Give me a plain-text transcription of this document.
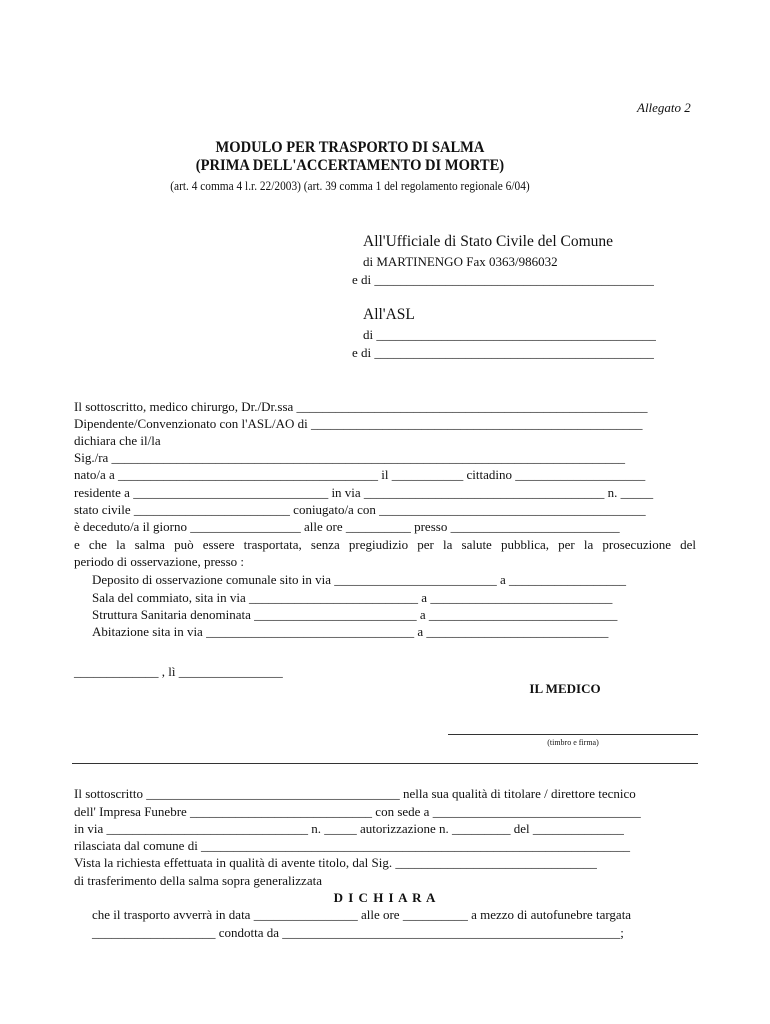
Allegato 2
MODULO PER TRASPORTO DI SALMA
(PRIMA DELL'ACCERTAMENTO DI MORTE)
(art. 4 comma 4 l.r. 22/2003) (art. 39 comma 1 del regolamento regionale 6/04)
All'Ufficiale di Stato Civile del Comune
di MARTINENGO Fax 0363/986032
e di ___________________________________________
All'ASL
di ___________________________________________
e di ___________________________________________
Il sottoscritto, medico chirurgo, Dr./Dr.ssa ______________________________________________________
Dipendente/Convenzionato con l'ASL/AO di ___________________________________________________
dichiara che il/la
Sig./ra _______________________________________________________________________________
nato/a a ________________________________________ il ___________ cittadino ____________________
residente a ______________________________ in via _____________________________________ n. _____
stato civile ________________________ coniugato/a con _________________________________________
è deceduto/a il giorno _________________ alle ore __________ presso __________________________
e che la salma può essere trasportata, senza pregiudizio per la salute pubblica, per la prosecuzione del
periodo di osservazione, presso :
Deposito di osservazione comunale sito in via _________________________ a __________________
Sala del commiato, sita in via __________________________ a ____________________________
Struttura Sanitaria denominata _________________________ a _____________________________
Abitazione sita in via ________________________________ a ____________________________
_____________ , lì ________________
IL MEDICO
(timbro e firma)
Il sottoscritto _______________________________________ nella sua qualità di titolare / direttore tecnico
dell' Impresa Funebre ____________________________ con sede a ________________________________
in via _______________________________ n. _____ autorizzazione n. _________ del ______________
rilasciata dal comune di __________________________________________________________________
Vista la richiesta effettuata in qualità di avente titolo, dal Sig. _______________________________
di trasferimento della salma sopra generalizzata
D I C H I A R A
che il trasporto avverrà in data ________________ alle ore __________ a mezzo di autofunebre targata
___________________ condotta da ____________________________________________________;
